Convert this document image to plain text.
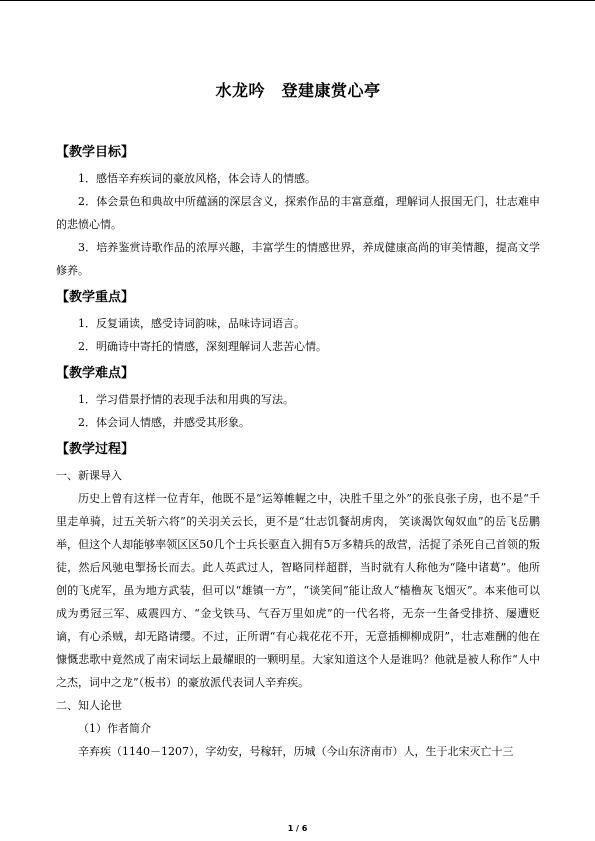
水龙吟　登建康赏心亭
【教学目标】

1．感悟辛弃疾词的豪放风格，体会诗人的情感。

2．体会景色和典故中所蕴涵的深层含义，探索作品的丰富意蕴，理解词人报国无门，壮志难申的悲愤心情。

3．培养鉴赏诗歌作品的浓厚兴趣，丰富学生的情感世界，养成健康高尚的审美情趣，提高文学修养。

【教学重点】

1．反复诵读，感受诗词韵味，品味诗词语言。

2．明确诗中寄托的情感，深刻理解词人悲苦心情。

【教学难点】

1．学习借景抒情的表现手法和用典的写法。

2．体会词人情感，并感受其形象。

【教学过程】

一、新课导入

历史上曾有这样一位青年，他既不是“运筹帷幄之中，决胜千里之外”的张良张子房，也不是“千里走单骑，过五关斩六将”的关羽关云长，更不是“壮志饥餐胡虏肉， 笑谈渴饮匈奴血”的岳飞岳鹏举，但这个人却能够率领区区50几个士兵长驱直入拥有5万多精兵的敌营，活捉了杀死自己首领的叛徒，然后风驰电掣扬长而去。此人英武过人，智略同样超群，当时就有人称他为“隆中诸葛”。他所创的飞虎军，虽为地方武装，但可以“雄镇一方”，“谈笑间”能让敌人“樯橹灰飞烟灭”。本来他可以成为勇冠三军、威震四方、“金戈铁马、气吞万里如虎”的一代名将，无奈一生备受排挤、屡遭贬谪，有心杀贼，却无路请缨。不过，正所谓“有心栽花花不开，无意插柳柳成阴”，壮志难酬的他在慷慨悲歌中竟然成了南宋词坛上最耀眼的一颗明星。大家知道这个人是谁吗？他就是被人称作“人中之杰，词中之龙”（板书）的豪放派代表词人辛弃疾。

二、知人论世

（1）作者简介

辛弃疾（1140－1207），字幼安，号稼轩，历城（今山东济南市）人，生于北宋灭亡十三

1 / 6
